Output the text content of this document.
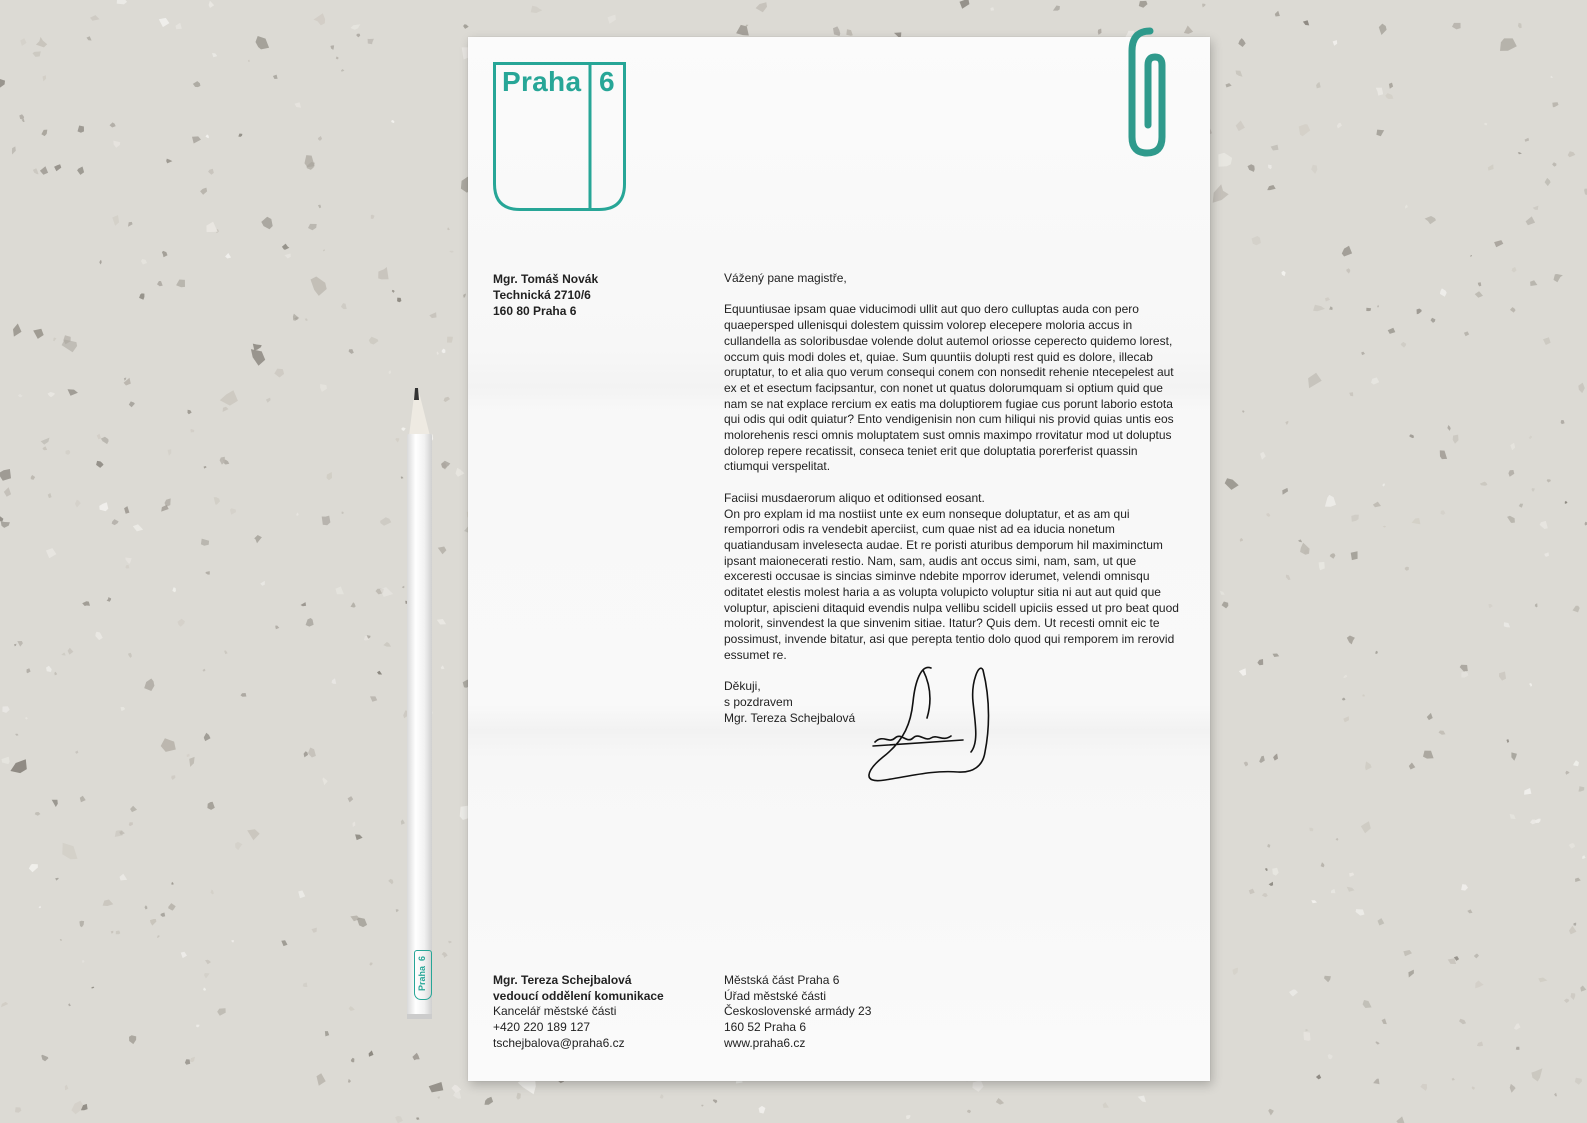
Praha
6
Praha 6
Mgr. Tomáš Novák
Technická 2710/6
160 80 Praha 6

Vážený pane magistře,

Equuntiusae ipsam quae viducimodi ullit aut quo dero culluptas auda con pero quaepersped ullenisqui dolestem quissim volorep elecepere moloria accus in cullandella as soloribusdae volende dolut autemol oriosse ceperecto quidemo lorest, occum quis modi doles et, quiae. Sum quuntiis dolupti rest quid es dolore, illecab oruptatur, to et alia quo verum consequi conem con nonsedit rehenie ntecepelest aut ex et et esectum facipsantur, con nonet ut quatus dolorumquam si optium quid que nam se nat explace rercium ex eatis ma doluptiorem fugiae cus porunt laborio estota qui odis qui odit quiatur? Ento vendigenisin non cum hiliqui nis provid quias untis eos molorehenis resci omnis moluptatem sust omnis maximpo rrovitatur mod ut doluptus dolorep repere recatissit, conseca teniet erit que doluptatia porerferist quassin ctiumqui verspelitat.

Faciisi musdaerorum aliquo et oditionsed eosant.

On pro explam id ma nostiist unte ex eum nonseque doluptatur, et as am qui remporrori odis ra vendebit aperciist, cum quae nist ad ea iducia nonetum quatiandusam invelesecta audae. Et re poristi aturibus demporum hil maximinctum ipsant maionecerati restio. Nam, sam, audis ant occus simi, nam, sam, ut que exceresti occusae is sincias siminve ndebite mporrov iderumet, velendi omnisqu oditatet elestis molest haria a as volupta volupicto voluptur sitia ni aut aut quid que voluptur, apiscieni ditaquid evendis nulpa vellibu scidell upiciis essed ut pro beat quod molorit, sinvendest la que sinvenim sitiae. Itatur? Quis dem. Ut recesti omnit eic te possimust, invende bitatur, asi que perepta tentio dolo quod qui remporem im rerovid essumet re.

Děkuji,
s pozdravem
Mgr. Tereza Schejbalová
Mgr. Tereza Schejbalová
vedoucí oddělení komunikace
Kancelář městské části
+420 220 189 127
tschejbalova@praha6.cz
Městská část Praha 6
Úřad městské části
Československé armády 23
160 52 Praha 6
www.praha6.cz
